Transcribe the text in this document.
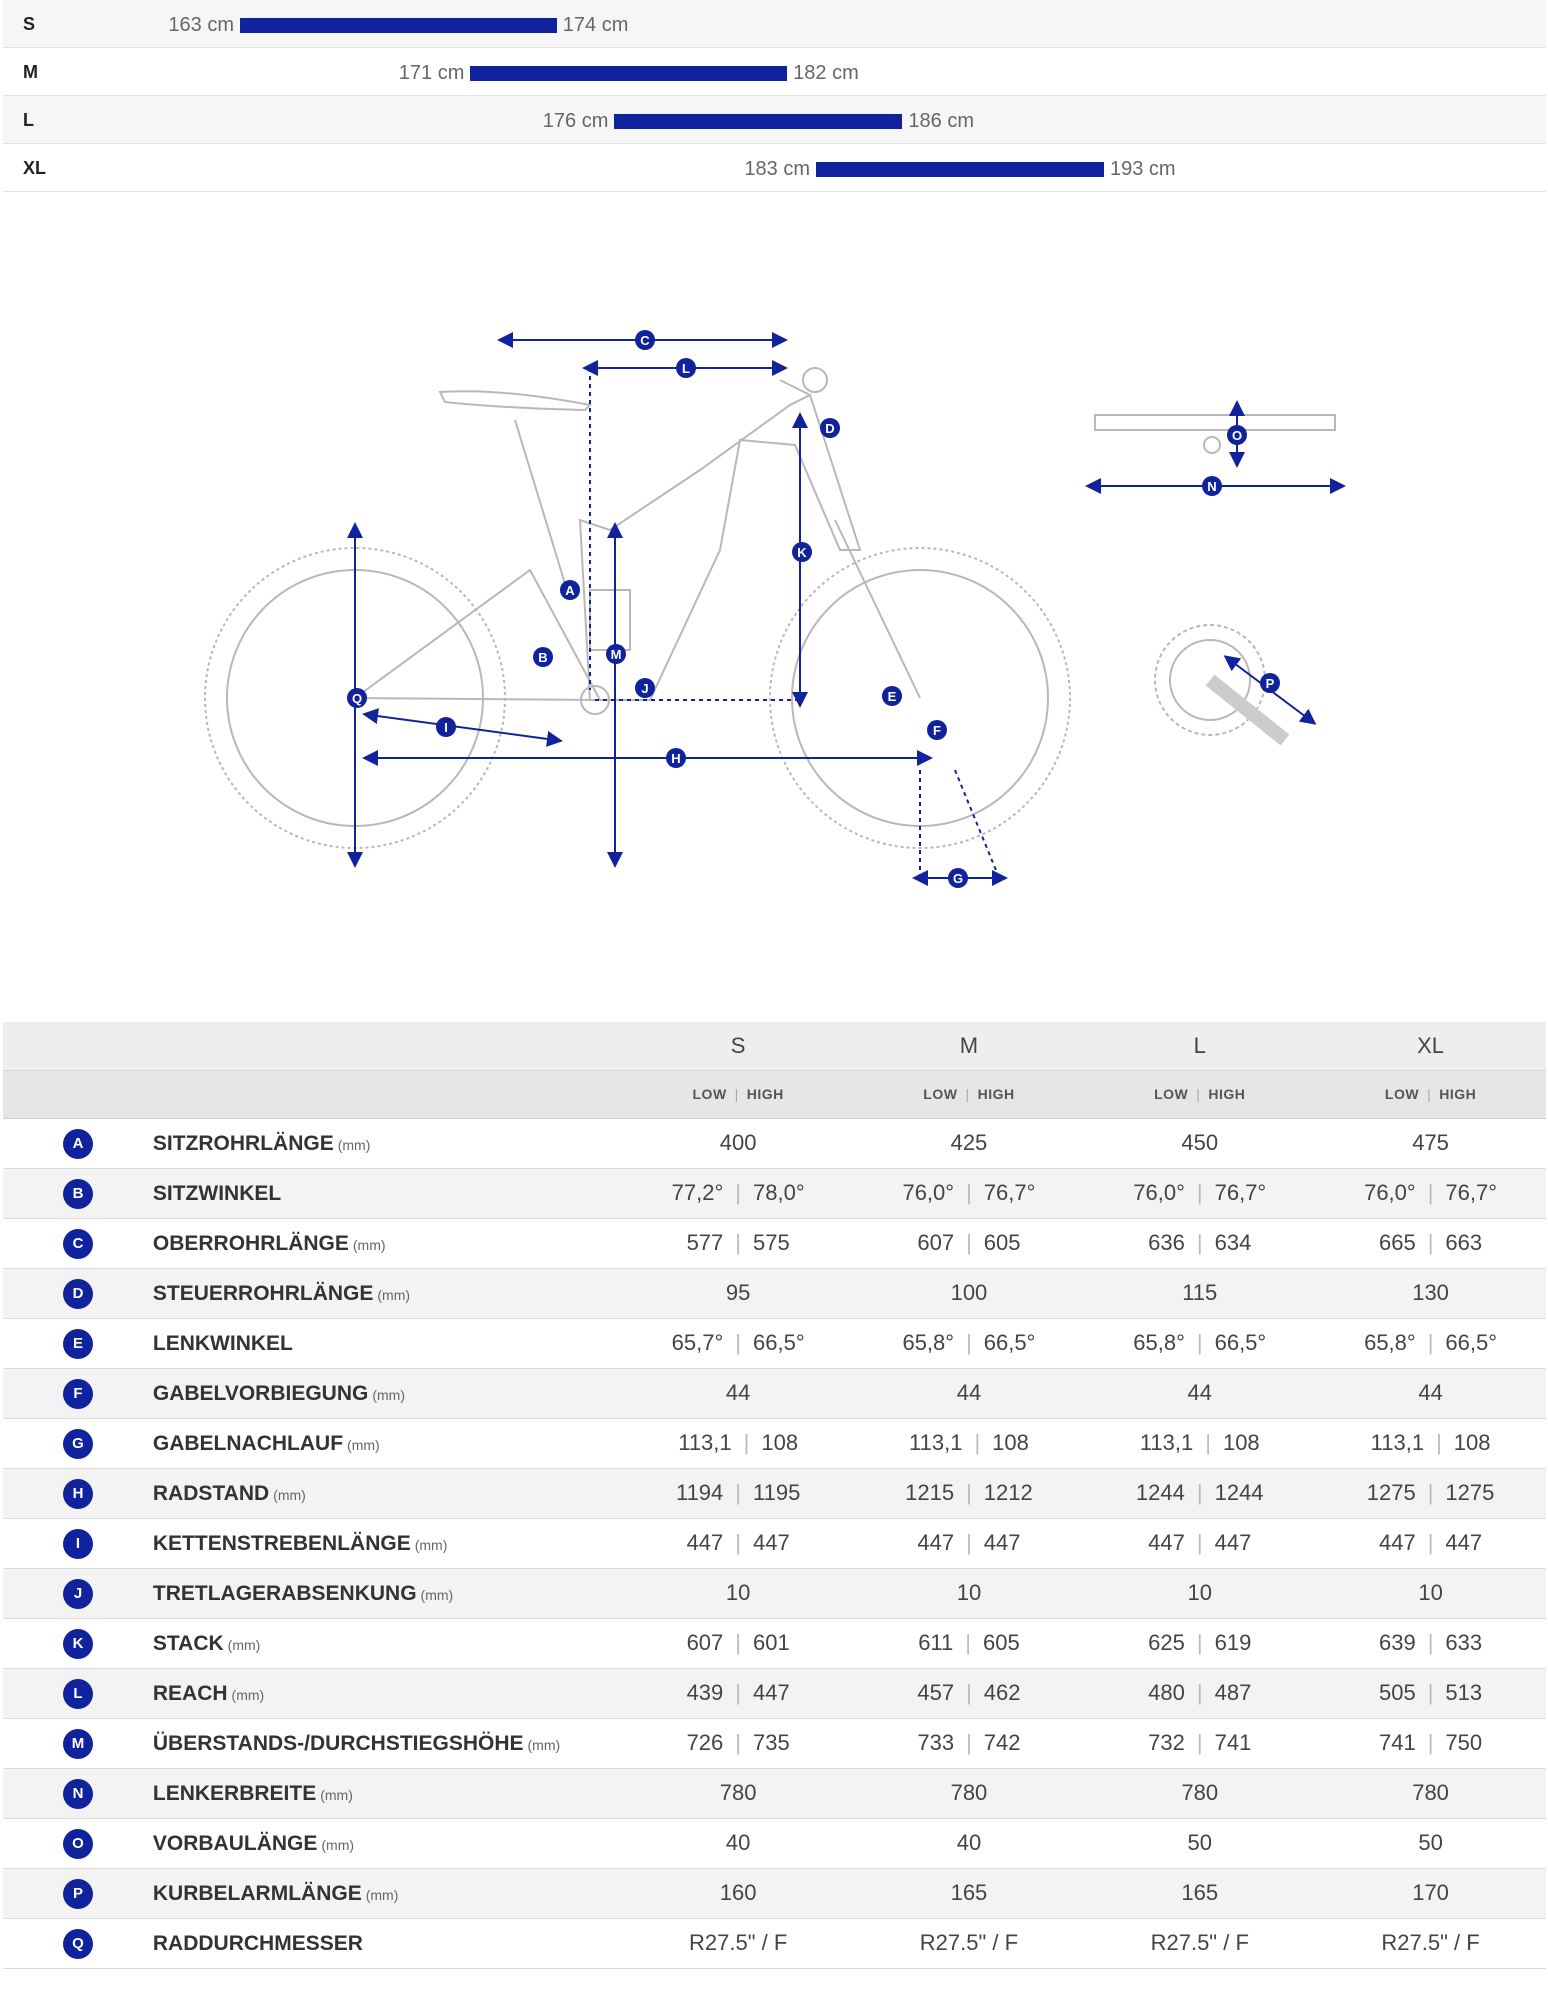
S	163 cm	174 cm
M	171 cm	182 cm
L	176 cm	186 cm
XL	183 cm	193 cm
A
B
C
D
E
F
G
H
I
J
K
L
M
N
O
P
Q
		S	M	L	XL
		LOW | HIGH	LOW | HIGH	LOW | HIGH	LOW | HIGH
A	SITZROHRLÄNGE (mm)	400	425	450	475
B	SITZWINKEL	77,2° | 78,0°	76,0° | 76,7°	76,0° | 76,7°	76,0° | 76,7°
C	OBERROHRLÄNGE (mm)	577 | 575	607 | 605	636 | 634	665 | 663
D	STEUERROHRLÄNGE (mm)	95	100	115	130
E	LENKWINKEL	65,7° | 66,5°	65,8° | 66,5°	65,8° | 66,5°	65,8° | 66,5°
F	GABELVORBIEGUNG (mm)	44	44	44	44
G	GABELNACHLAUF (mm)	113,1 | 108	113,1 | 108	113,1 | 108	113,1 | 108
H	RADSTAND (mm)	1194 | 1195	1215 | 1212	1244 | 1244	1275 | 1275
I	KETTENSTREBENLÄNGE (mm)	447 | 447	447 | 447	447 | 447	447 | 447
J	TRETLAGERABSENKUNG (mm)	10	10	10	10
K	STACK (mm)	607 | 601	611 | 605	625 | 619	639 | 633
L	REACH (mm)	439 | 447	457 | 462	480 | 487	505 | 513
M	ÜBERSTANDS-/DURCHSTIEGSHÖHE (mm)	726 | 735	733 | 742	732 | 741	741 | 750
N	LENKERBREITE (mm)	780	780	780	780
O	VORBAULÄNGE (mm)	40	40	50	50
P	KURBELARMLÄNGE (mm)	160	165	165	170
Q	RADDURCHMESSER	R27.5" / F	R27.5" / F	R27.5" / F	R27.5" / F
